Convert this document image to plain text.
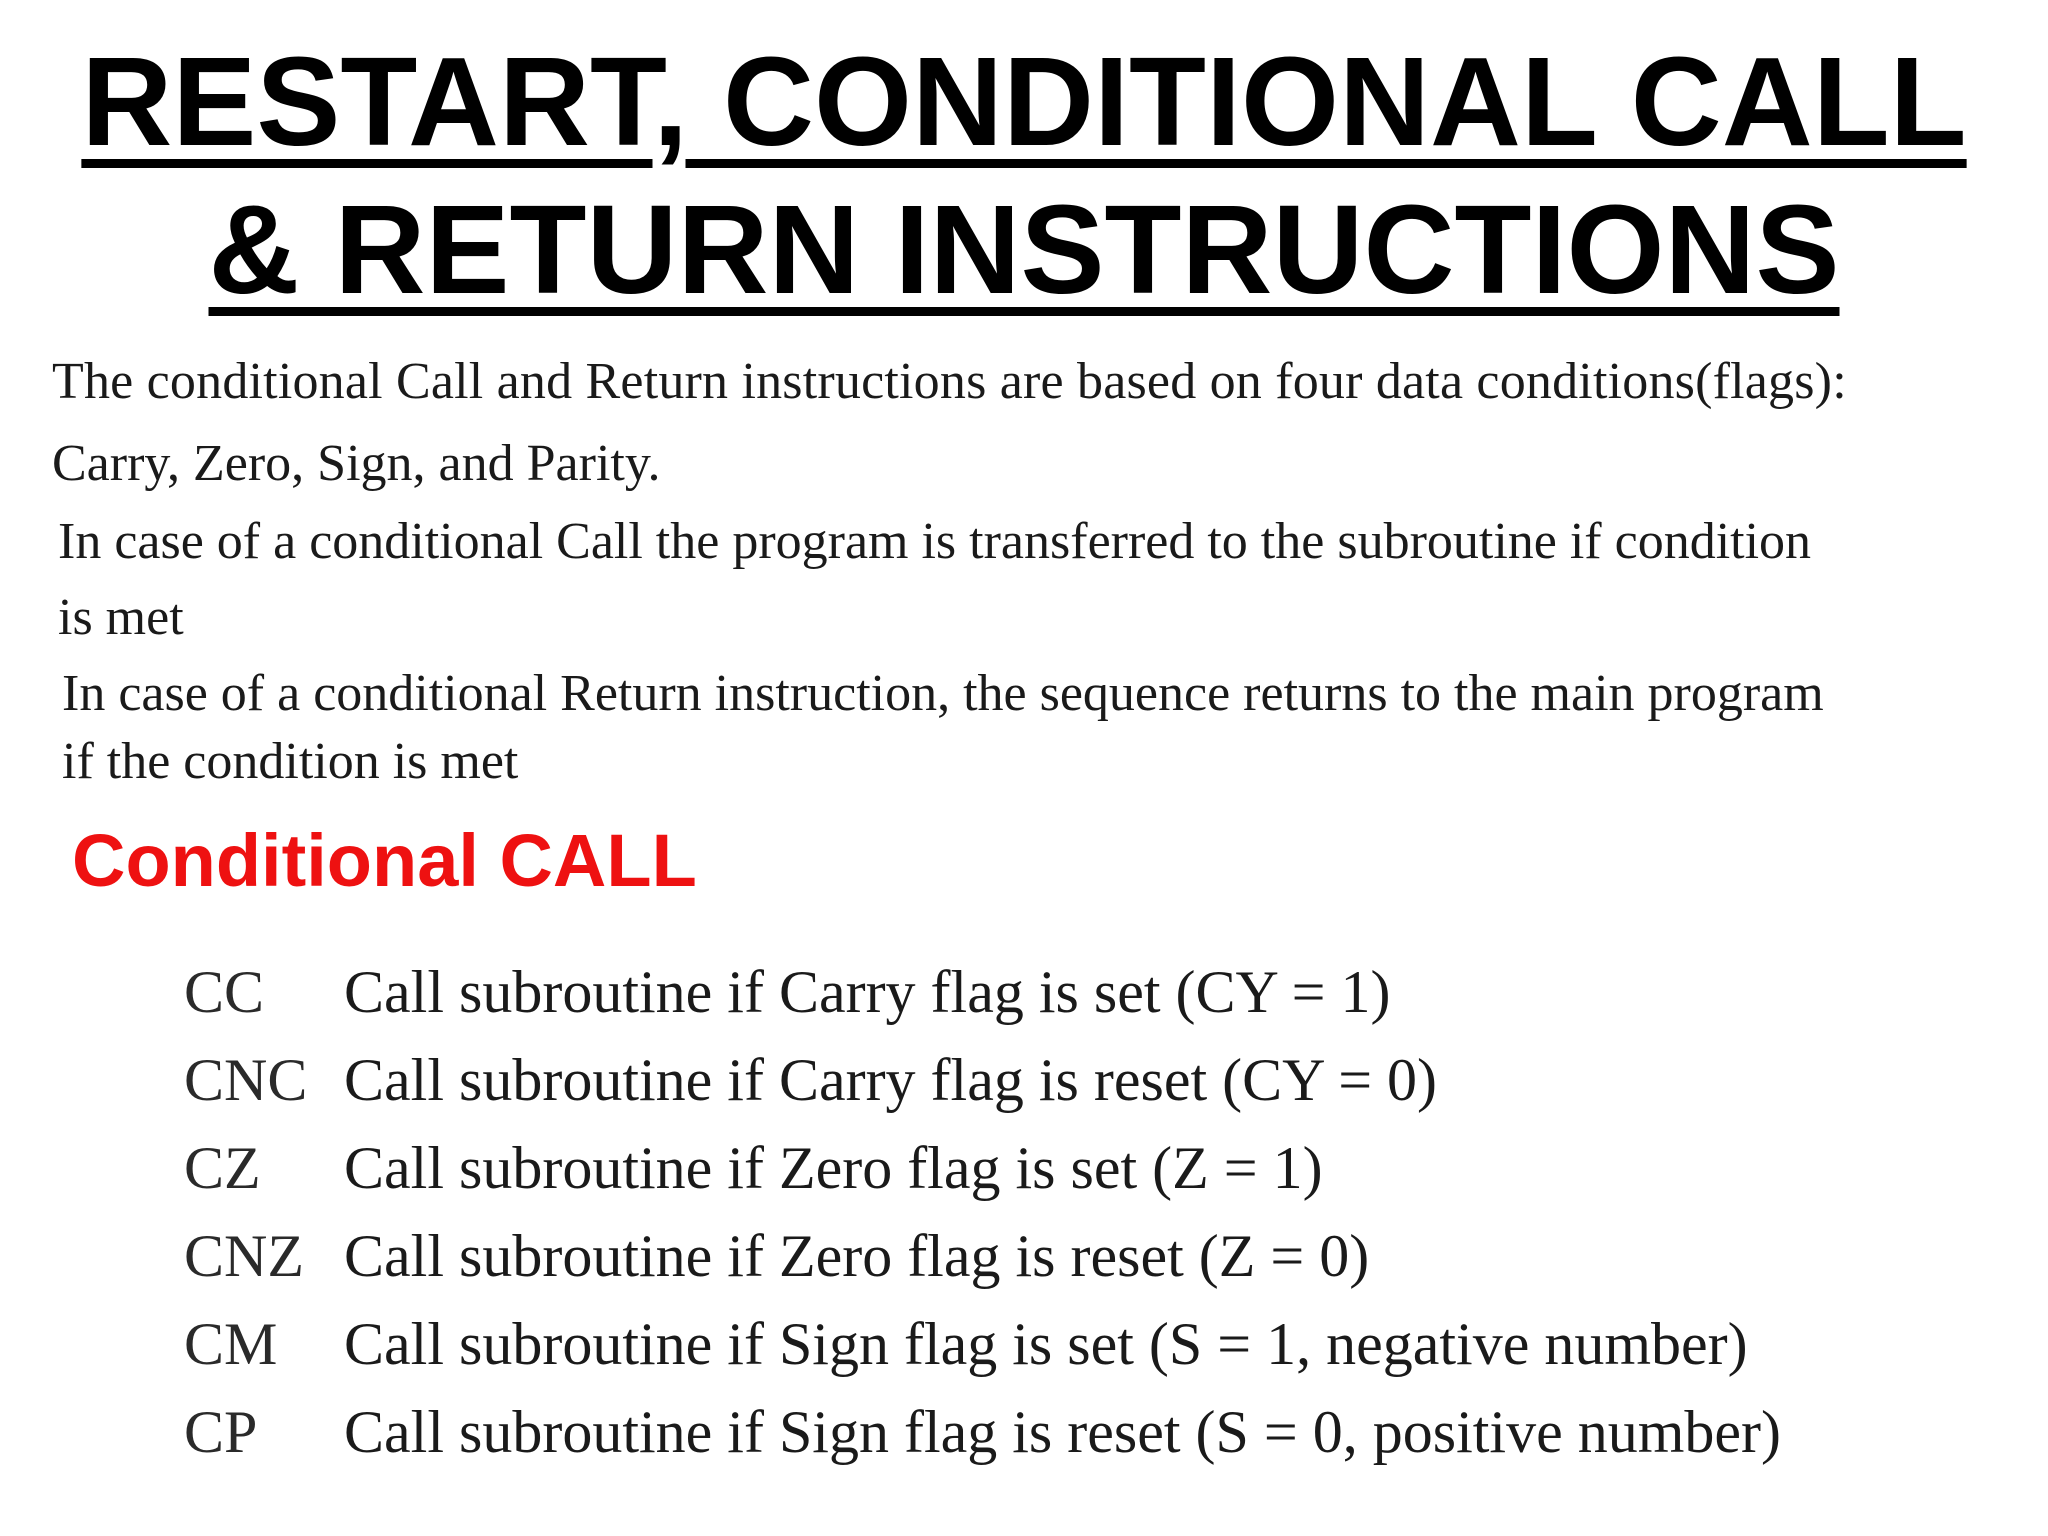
RESTART, CONDITIONAL CALL
& RETURN INSTRUCTIONS

The conditional Call and Return instructions are based on four data conditions(flags):

Carry, Zero, Sign, and Parity.

In case of a conditional Call the program is transferred to the subroutine if condition

is met

In case of a conditional Return instruction, the sequence returns to the main program

if the condition is met

Conditional CALL
CC	Call subroutine if Carry flag is set (CY = 1)
CNC Call subroutine if Carry flag is reset (CY = 0)
CZ	Call subroutine if Zero flag is set (Z = 1)
CNZ Call subroutine if Zero flag is reset (Z = 0)
CM	Call subroutine if Sign flag is set (S = 1, negative number)
CP	Call subroutine if Sign flag is reset (S = 0, positive number)
